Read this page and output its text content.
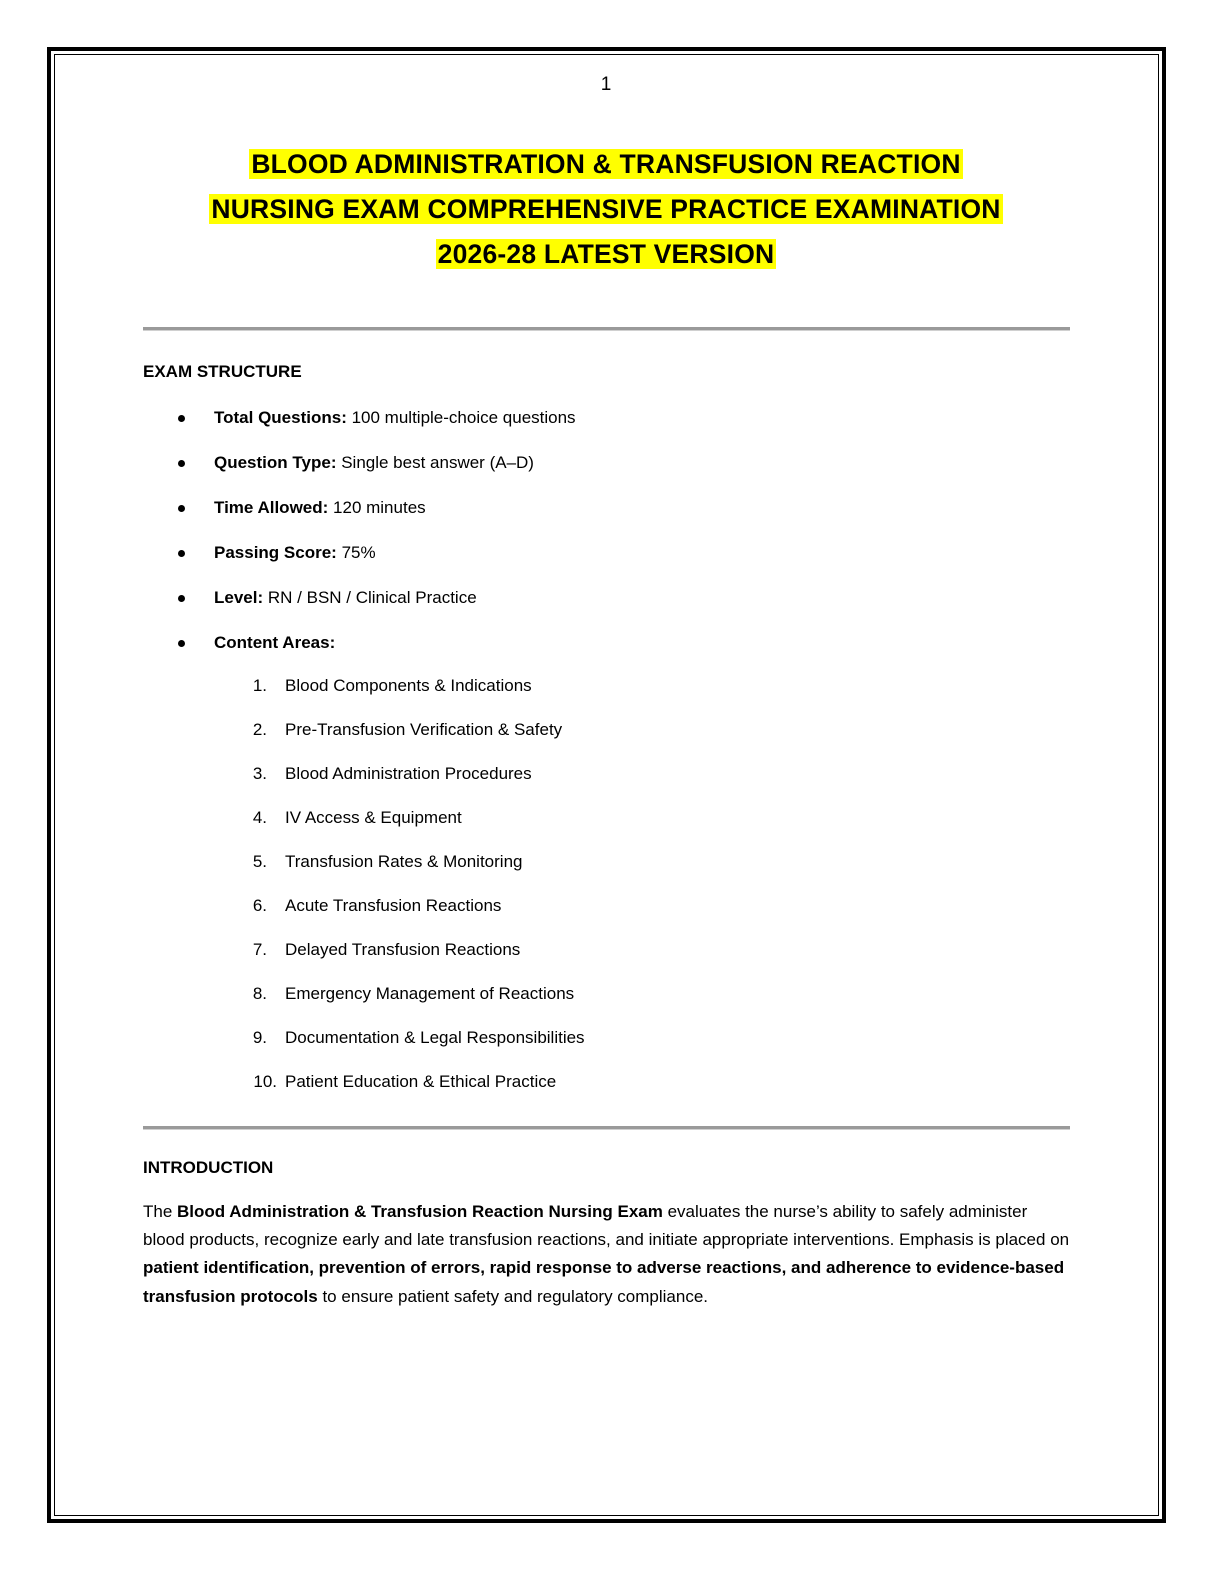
1
BLOOD ADMINISTRATION & TRANSFUSION REACTION
NURSING EXAM COMPREHENSIVE PRACTICE EXAMINATION
2026-28 LATEST VERSION
EXAM STRUCTURE
Total Questions: 100 multiple-choice questions
Question Type: Single best answer (A–D)
Time Allowed: 120 minutes
Passing Score: 75%
Level: RN / BSN / Clinical Practice
Content Areas:
1. Blood Components & Indications
2. Pre-Transfusion Verification & Safety
3. Blood Administration Procedures
4. IV Access & Equipment
5. Transfusion Rates & Monitoring
6. Acute Transfusion Reactions
7. Delayed Transfusion Reactions
8. Emergency Management of Reactions
9. Documentation & Legal Responsibilities
10. Patient Education & Ethical Practice
INTRODUCTION

The Blood Administration & Transfusion Reaction Nursing Exam evaluates the nurse’s ability to safely administer blood products, recognize early and late transfusion reactions, and initiate appropriate interventions. Emphasis is placed on patient identification, prevention of errors, rapid response to adverse reactions, and adherence to evidence-based transfusion protocols to ensure patient safety and regulatory compliance.
